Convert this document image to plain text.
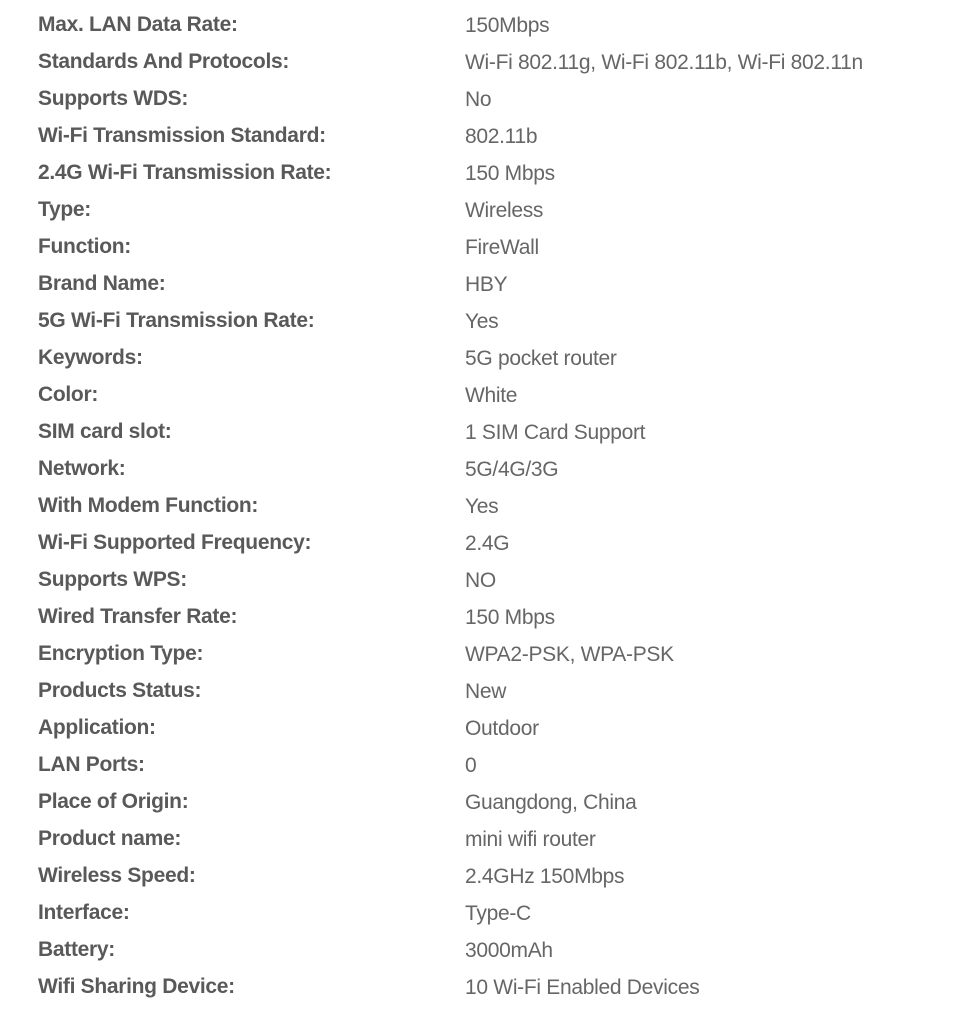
Max. LAN Data Rate:	150Mbps
Standards And Protocols:	Wi-Fi 802.11g, Wi-Fi 802.11b, Wi-Fi 802.11n
Supports WDS:	No
Wi-Fi Transmission Standard:	802.11b
2.4G Wi-Fi Transmission Rate:	150 Mbps
Type:	Wireless
Function:	FireWall
Brand Name:	HBY
5G Wi-Fi Transmission Rate:	Yes
Keywords:	5G pocket router
Color:	White
SIM card slot:	1 SIM Card Support
Network:	5G/4G/3G
With Modem Function:	Yes
Wi-Fi Supported Frequency:	2.4G
Supports WPS:	NO
Wired Transfer Rate:	150 Mbps
Encryption Type:	WPA2-PSK, WPA-PSK
Products Status:	New
Application:	Outdoor
LAN Ports:	0
Place of Origin:	Guangdong, China
Product name:	mini wifi router
Wireless Speed:	2.4GHz 150Mbps
Interface:	Type-C
Battery:	3000mAh
Wifi Sharing Device:	10 Wi-Fi Enabled Devices
